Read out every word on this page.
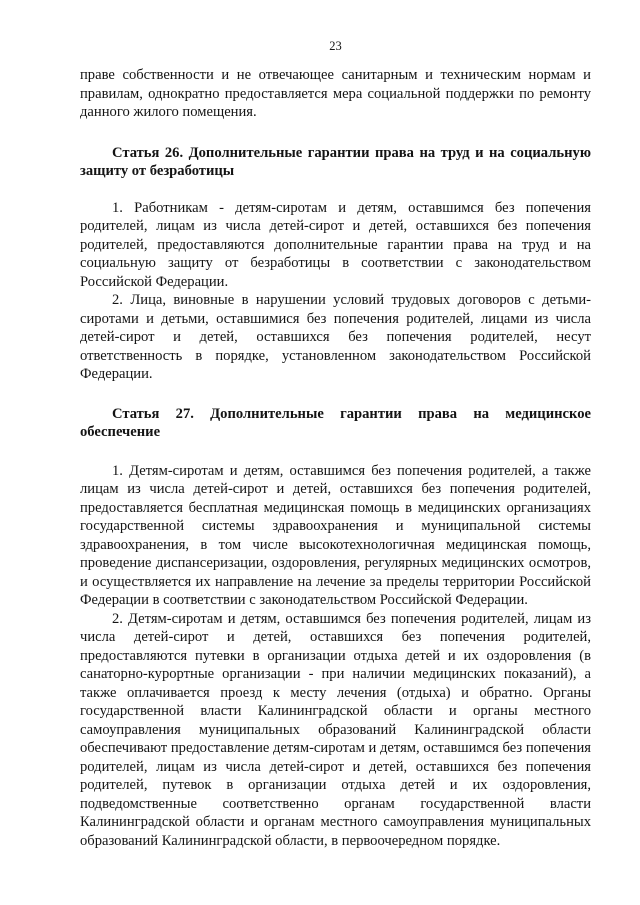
23

праве собственности и не отвечающее санитарным и техническим нормам и правилам, однократно предоставляется мера социальной поддержки по ремонту данного жилого помещения.

Статья 26. Дополнительные гарантии права на труд и на социальную защиту от безработицы

1. Работникам - детям-сиротам и детям, оставшимся без попечения родителей, лицам из числа детей-сирот и детей, оставшихся без попечения родителей, предоставляются дополнительные гарантии права на труд и на социальную защиту от безработицы в соответствии с законодательством Российской Федерации.

2. Лица, виновные в нарушении условий трудовых договоров с детьми-сиротами и детьми, оставшимися без попечения родителей, лицами из числа детей-сирот и детей, оставшихся без попечения родителей, несут ответственность в порядке, установленном законодательством Российской Федерации.

Статья 27. Дополнительные гарантии права на медицинское обеспечение

1. Детям-сиротам и детям, оставшимся без попечения родителей, а также лицам из числа детей-сирот и детей, оставшихся без попечения родителей, предоставляется бесплатная медицинская помощь в медицинских организациях государственной системы здравоохранения и муниципальной системы здравоохранения, в том числе высокотехнологичная медицинская помощь, проведение диспансеризации, оздоровления, регулярных медицинских осмотров, и осуществляется их направление на лечение за пределы территории Российской Федерации в соответствии с законодательством Российской Федерации.

2. Детям-сиротам и детям, оставшимся без попечения родителей, лицам из числа детей-сирот и детей, оставшихся без попечения родителей, предоставляются путевки в организации отдыха детей и их оздоровления (в санаторно-курортные организации - при наличии медицинских показаний), а также оплачивается проезд к месту лечения (отдыха) и обратно. Органы государственной власти Калининградской области и органы местного самоуправления муниципальных образований Калининградской области обеспечивают предоставление детям-сиротам и детям, оставшимся без попечения родителей, лицам из числа детей-сирот и детей, оставшихся без попечения родителей, путевок в организации отдыха детей и их оздоровления, подведомственные соответственно органам государственной власти Калининградской области и органам местного самоуправления муниципальных образований Калининградской области, в первоочередном порядке.
